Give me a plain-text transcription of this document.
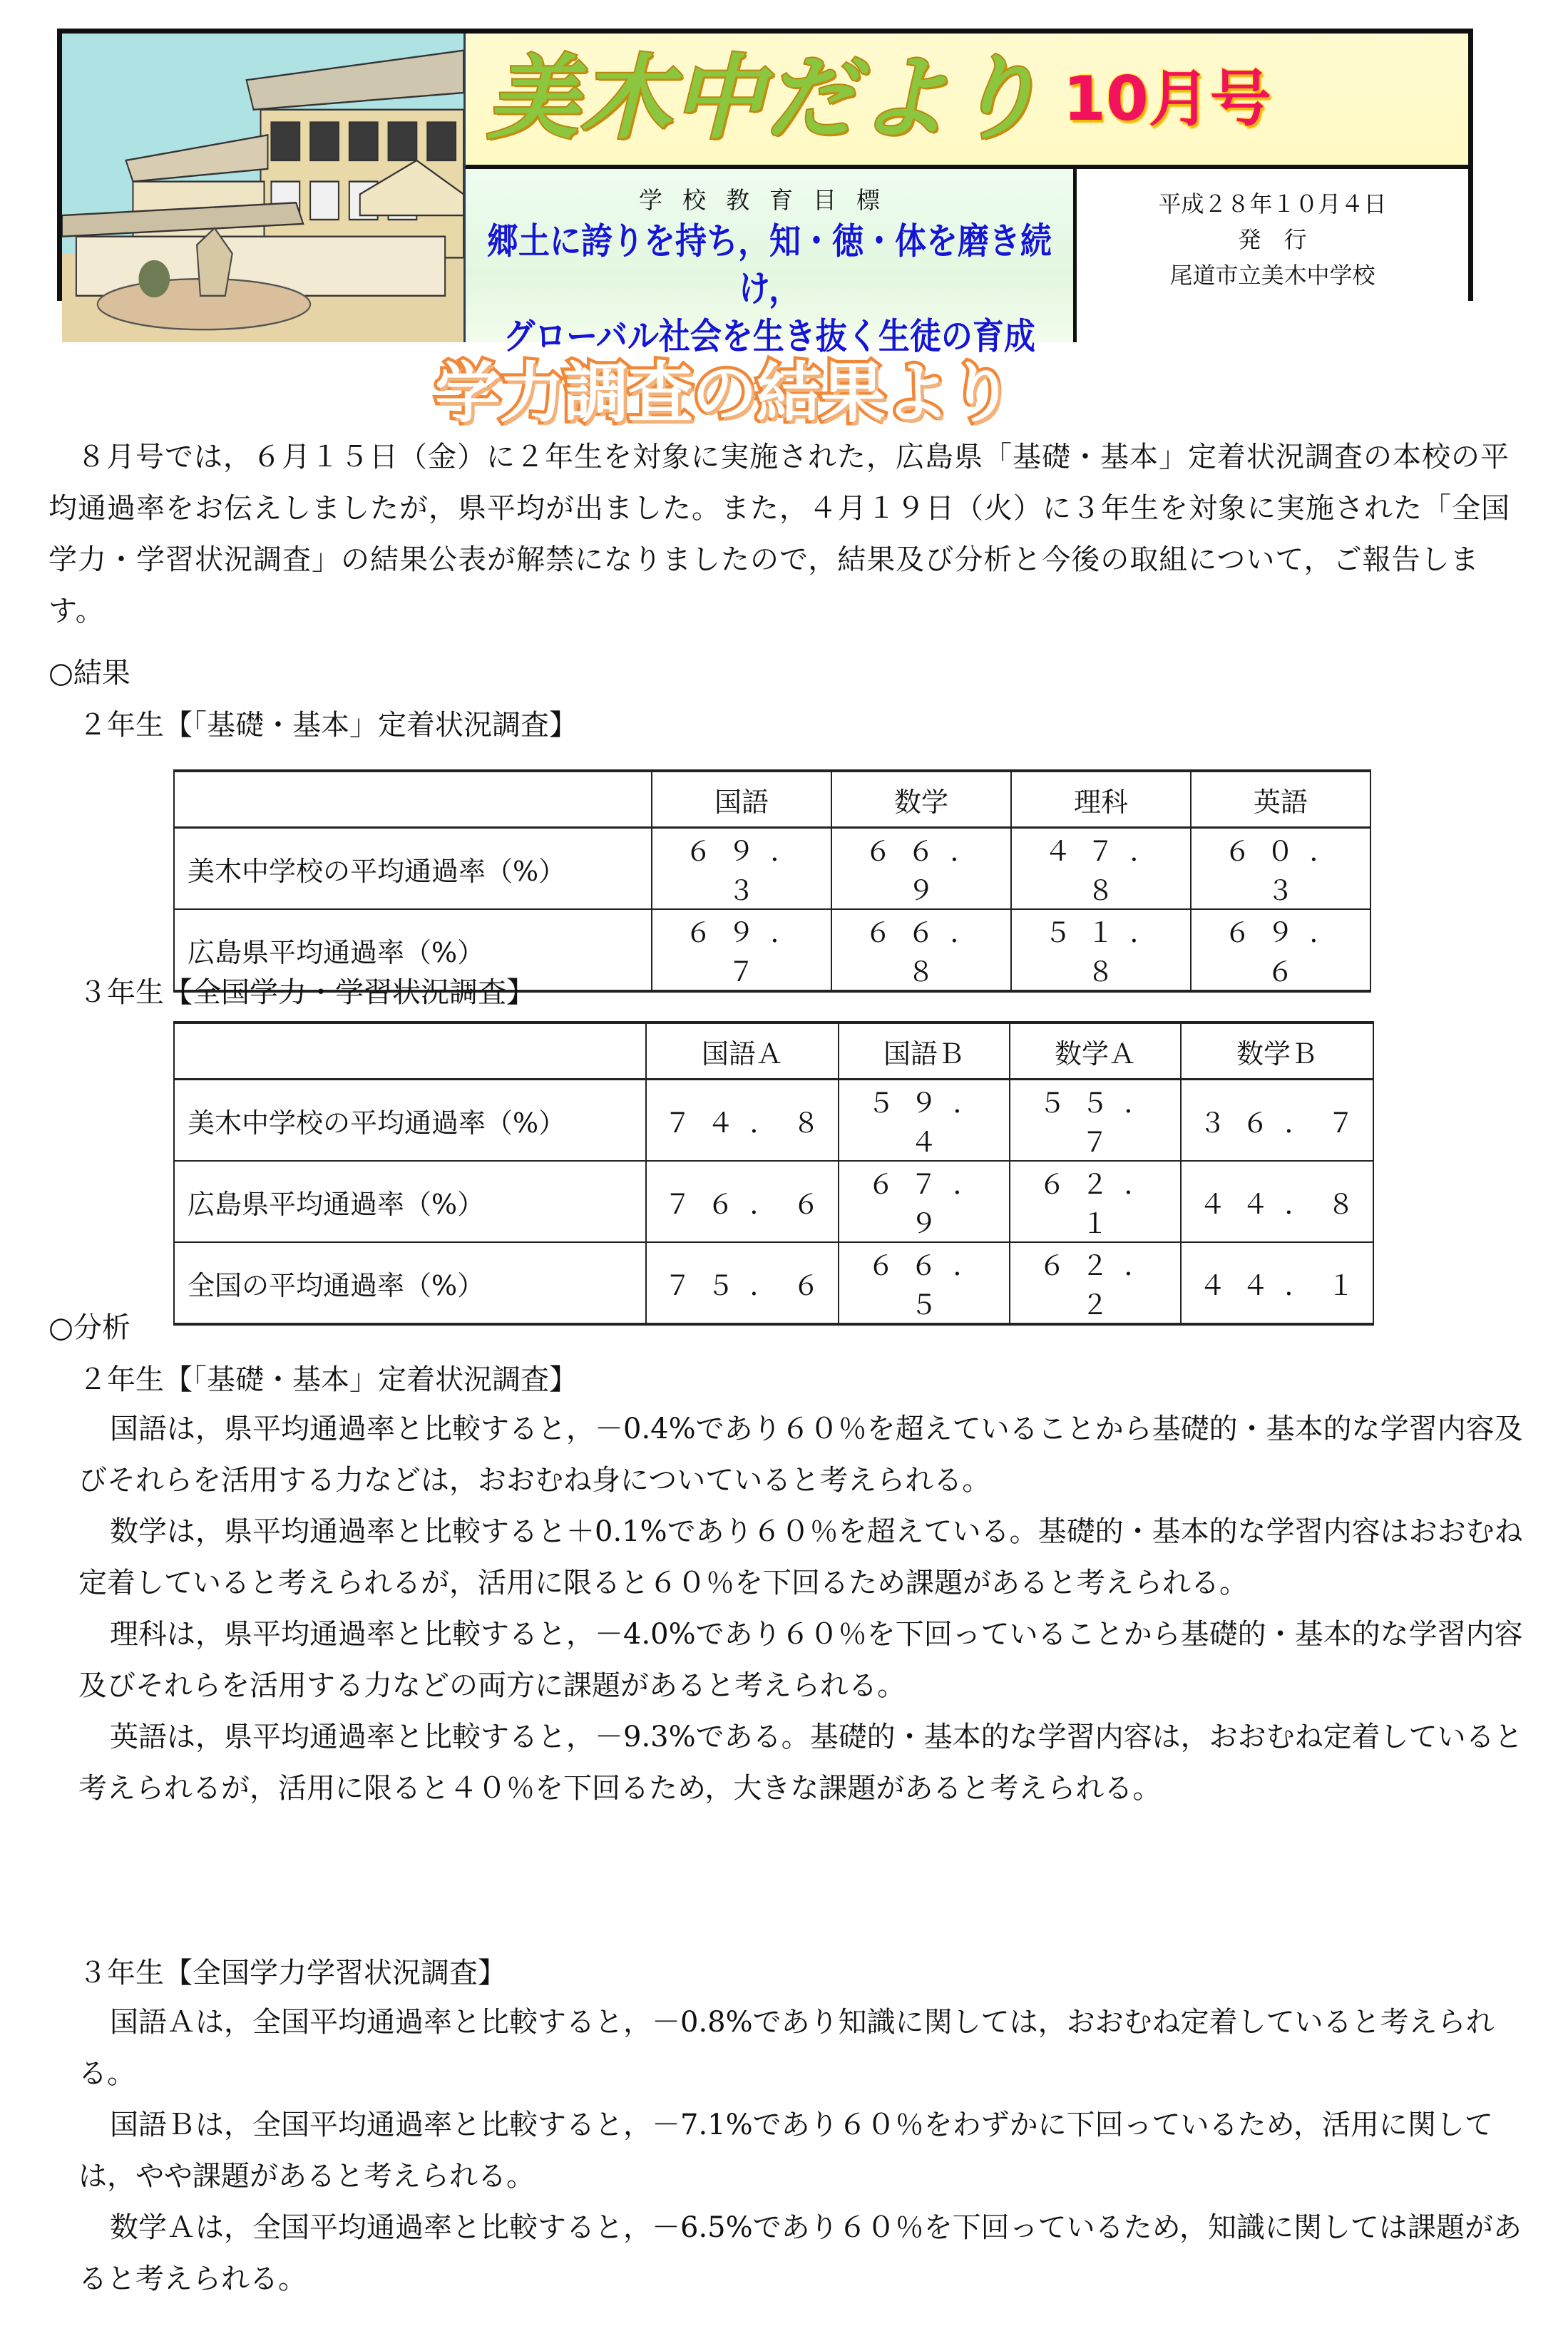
美木中だより 10月号
学校教育目標
郷土に誇りを持ち，知・徳・体を磨き続け，
グローバル社会を生き抜く生徒の育成
平成２８年１０月４日
発　行
尾道市立美木中学校
学力調査の結果より

８月号では，６月１５日（金）に２年生を対象に実施された，広島県「基礎・基本」定着状況調査の本校の平均通過率をお伝えしましたが，県平均が出ました。また，４月１９日（火）に３年生を対象に実施された「全国学力・学習状況調査」の結果公表が解禁になりましたので，結果及び分析と今後の取組について，ご報告します。

○結果
２年生【「基礎・基本」定着状況調査】
	国語	数学	理科	英語
美木中学校の平均通過率（%）	６９．３	６６．９	４７．８	６０．３
広島県平均通過率（%）	６９．７	６６．８	５１．８	６９．６
３年生【全国学力・学習状況調査】
	国語Ａ	国語Ｂ	数学Ａ	数学Ｂ
美木中学校の平均通過率（%）	７４．８	５９．４	５５．７	３６．７
広島県平均通過率（%）	７６．６	６７．９	６２．１	４４．８
全国の平均通過率（%）	７５．６	６６．５	６２．２	４４．１
○分析
２年生【「基礎・基本」定着状況調査】

国語は，県平均通過率と比較すると，－0.4%であり６０％を超えていることから基礎的・基本的な学習内容及びそれらを活用する力などは，おおむね身についていると考えられる。

数学は，県平均通過率と比較すると＋0.1%であり６０％を超えている。基礎的・基本的な学習内容はおおむね定着していると考えられるが，活用に限ると６０％を下回るため課題があると考えられる。

理科は，県平均通過率と比較すると，－4.0%であり６０％を下回っていることから基礎的・基本的な学習内容及びそれらを活用する力などの両方に課題があると考えられる。

英語は，県平均通過率と比較すると，－9.3%である。基礎的・基本的な学習内容は，おおむね定着していると考えられるが，活用に限ると４０％を下回るため，大きな課題があると考えられる。

３年生【全国学力学習状況調査】

国語Ａは，全国平均通過率と比較すると，－0.8%であり知識に関しては，おおむね定着していると考えられる。

国語Ｂは，全国平均通過率と比較すると，－7.1%であり６０％をわずかに下回っているため，活用に関しては，やや課題があると考えられる。

数学Ａは，全国平均通過率と比較すると，－6.5%であり６０％を下回っているため，知識に関しては課題があると考えられる。
